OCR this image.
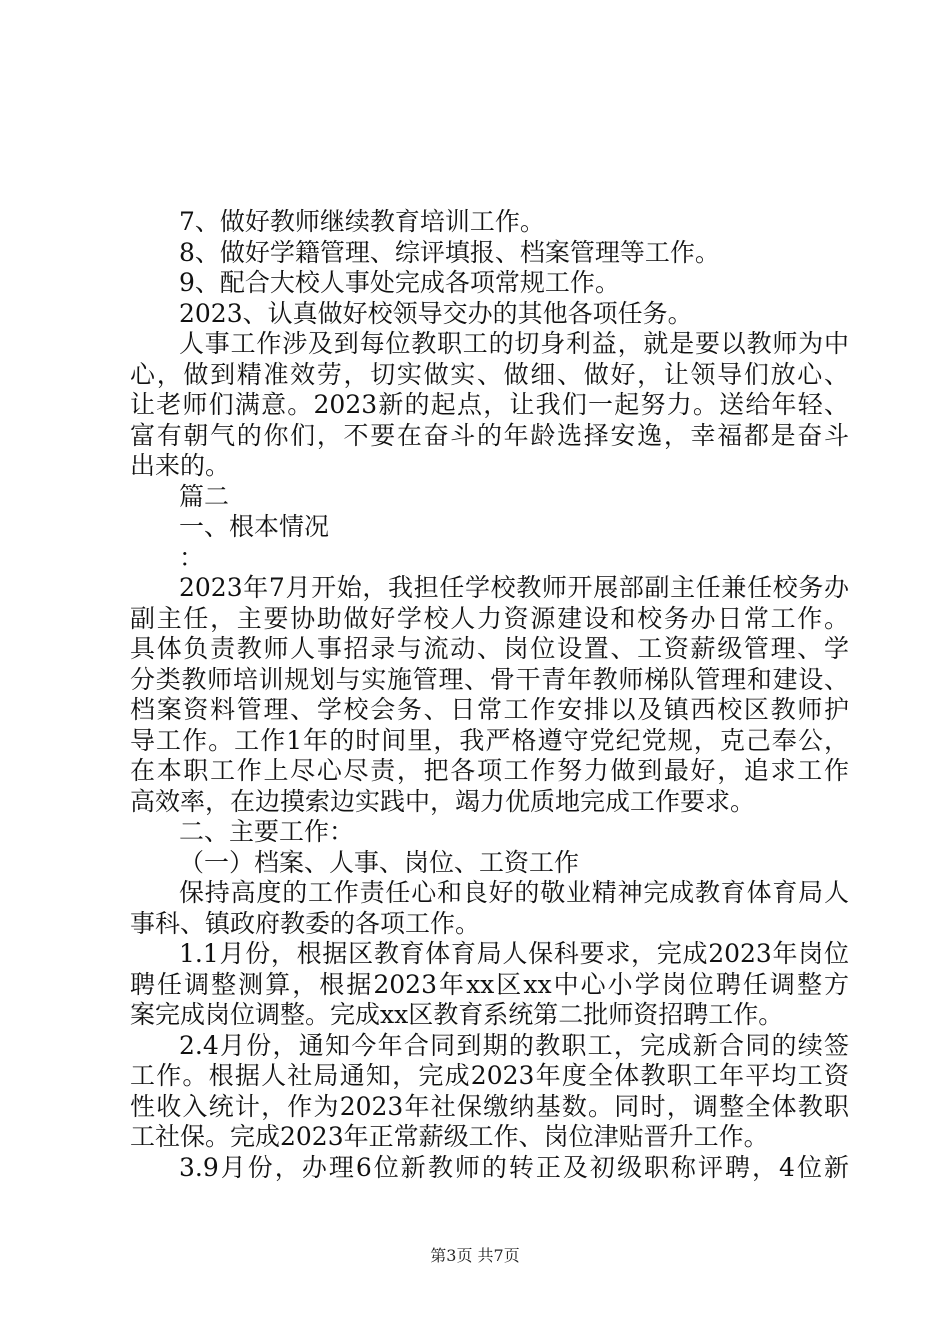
7、做好教师继续教育培训工作。
8、做好学籍管理、综评填报、档案管理等工作。
9、配合大校人事处完成各项常规工作。
2023、认真做好校领导交办的其他各项任务。
人事工作涉及到每位教职工的切身利益，就是要以教师为中
心，做到精准效劳，切实做实、做细、做好，让领导们放心、
让老师们满意。2023新的起点，让我们一起努力。送给年轻、
富有朝气的你们，不要在奋斗的年龄选择安逸，幸福都是奋斗
出来的。
篇二
一、根本情况
：
2023年7月开始，我担任学校教师开展部副主任兼任校务办
副主任，主要协助做好学校人力资源建设和校务办日常工作。
具体负责教师人事招录与流动、岗位设置、工资薪级管理、学
分类教师培训规划与实施管理、骨干青年教师梯队管理和建设、
档案资料管理、学校会务、日常工作安排以及镇西校区教师护
导工作。工作1年的时间里，我严格遵守党纪党规，克己奉公，
在本职工作上尽心尽责，把各项工作努力做到最好，追求工作
高效率，在边摸索边实践中，竭力优质地完成工作要求。
二、主要工作：
（一）档案、人事、岗位、工资工作
保持高度的工作责任心和良好的敬业精神完成教育体育局人
事科、镇政府教委的各项工作。
1.1月份，根据区教育体育局人保科要求，完成2023年岗位
聘任调整测算，根据2023年xx区xx中心小学岗位聘任调整方
案完成岗位调整。完成xx区教育系统第二批师资招聘工作。
2.4月份，通知今年合同到期的教职工，完成新合同的续签
工作。根据人社局通知，完成2023年度全体教职工年平均工资
性收入统计，作为2023年社保缴纳基数。同时，调整全体教职
工社保。完成2023年正常薪级工作、岗位津贴晋升工作。
3.9月份，办理6位新教师的转正及初级职称评聘，4位新
第3页 共7页
